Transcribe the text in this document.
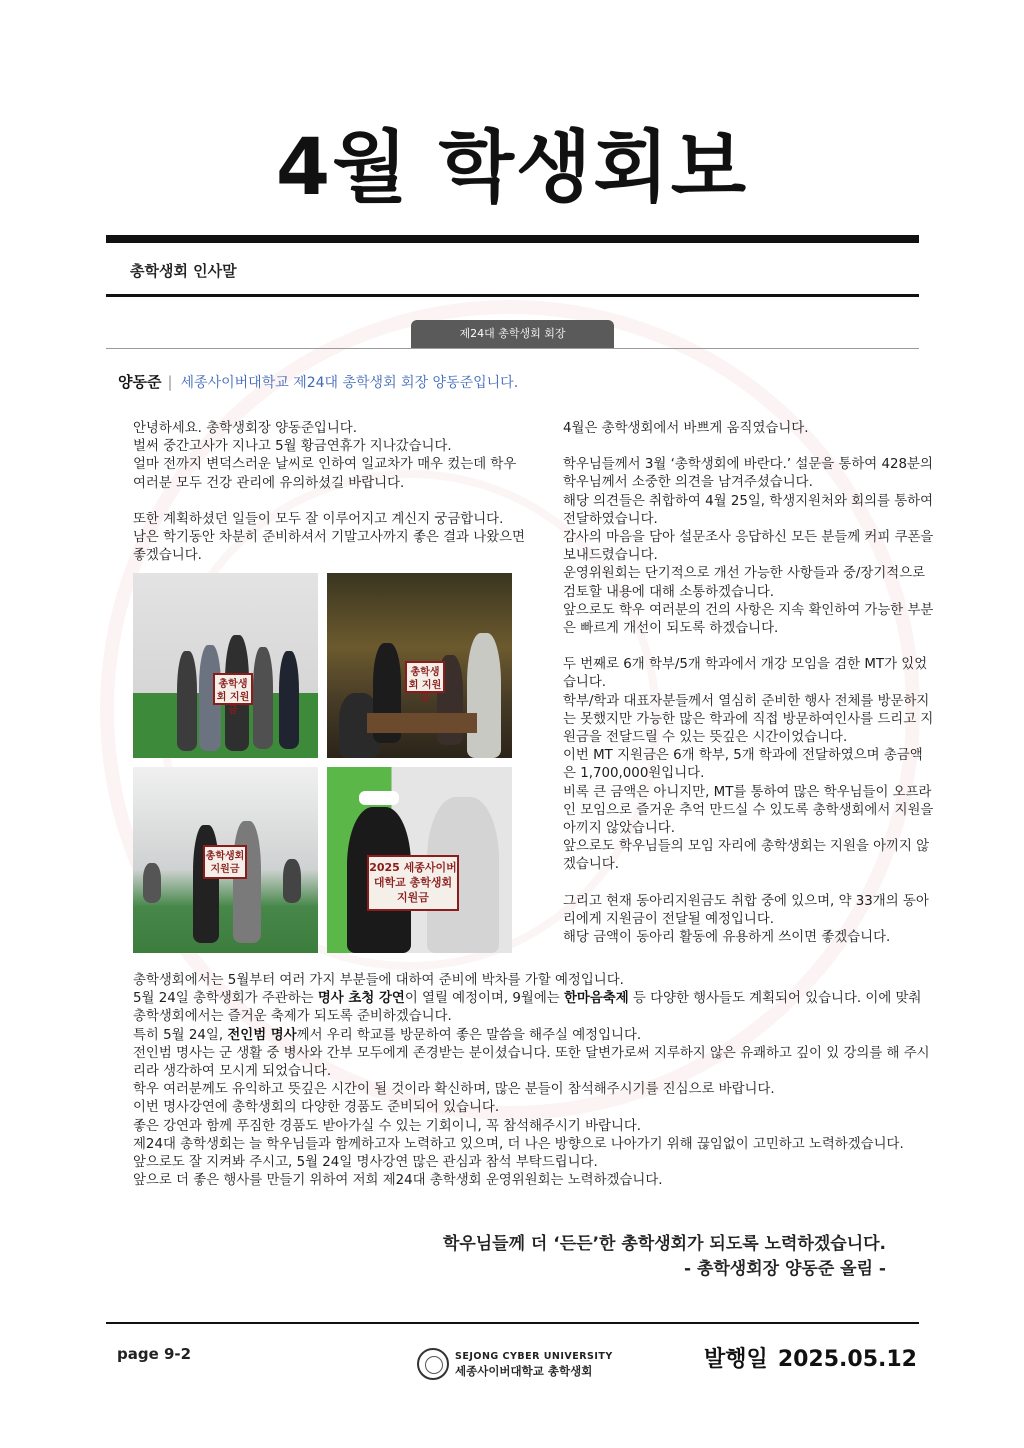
4월 학생회보
총학생회 인사말
제24대 총학생회 회장
양동준 | 세종사이버대학교 제24대 총학생회 회장 양동준입니다.

안녕하세요. 총학생회장 양동준입니다.
벌써 중간고사가 지나고 5월 황금연휴가 지나갔습니다.
얼마 전까지 변덕스러운 날씨로 인하여 일교차가 매우 컸는데 학우 여러분 모두 건강 관리에 유의하셨길 바랍니다.

또한 계획하셨던 일들이 모두 잘 이루어지고 계신지 궁금합니다.
남은 학기동안 차분히 준비하셔서 기말고사까지 좋은 결과 나왔으면 좋겠습니다.

총학생회 지원금
총학생회 지원금
총학생회 지원금	2025 세종사이버대학교 총학생회 지원금

4월은 총학생회에서 바쁘게 움직였습니다.

학우님들께서 3월 ‘총학생회에 바란다.’ 설문을 통하여 428분의 학우님께서 소중한 의견을 남겨주셨습니다.
해당 의견들은 취합하여 4월 25일, 학생지원처와 회의를 통하여 전달하였습니다.
감사의 마음을 담아 설문조사 응답하신 모든 분들께 커피 쿠폰을 보내드렸습니다.
운영위원회는 단기적으로 개선 가능한 사항들과 중/장기적으로 검토할 내용에 대해 소통하겠습니다.
앞으로도 학우 여러분의 건의 사항은 지속 확인하여 가능한 부분은 빠르게 개선이 되도록 하겠습니다.

두 번째로 6개 학부/5개 학과에서 개강 모임을 겸한 MT가 있었습니다.
학부/학과 대표자분들께서 열심히 준비한 행사 전체를 방문하지는 못했지만 가능한 많은 학과에 직접 방문하여인사를 드리고 지원금을 전달드릴 수 있는 뜻깊은 시간이었습니다.
이번 MT 지원금은 6개 학부, 5개 학과에 전달하였으며 총금액은 1,700,000원입니다.
비록 큰 금액은 아니지만, MT를 통하여 많은 학우님들이 오프라인 모임으로 즐거운 추억 만드실 수 있도록 총학생회에서 지원을 아끼지 않았습니다.
앞으로도 학우님들의 모임 자리에 총학생회는 지원을 아끼지 않겠습니다.

그리고 현재 동아리지원금도 취합 중에 있으며, 약 33개의 동아리에게 지원금이 전달될 예정입니다.
해당 금액이 동아리 활동에 유용하게 쓰이면 좋겠습니다.

총학생회에서는 5월부터 여러 가지 부분들에 대하여 준비에 박차를 가할 예정입니다.

5월 24일 총학생회가 주관하는 명사 초청 강연이 열릴 예정이며, 9월에는 한마음축제 등 다양한 행사들도 계획되어 있습니다. 이에 맞춰 총학생회에서는 즐거운 축제가 되도록 준비하겠습니다.

특히 5월 24일, 전인범 명사께서 우리 학교를 방문하여 좋은 말씀을 해주실 예정입니다.

전인범 명사는 군 생활 중 병사와 간부 모두에게 존경받는 분이셨습니다. 또한 달변가로써 지루하지 않은 유쾌하고 깊이 있 강의를 해 주시리라 생각하여 모시게 되었습니다.

학우 여러분께도 유익하고 뜻깊은 시간이 될 것이라 확신하며, 많은 분들이 참석해주시기를 진심으로 바랍니다.

이번 명사강연에 총학생회의 다양한 경품도 준비되어 있습니다.

좋은 강연과 함께 푸짐한 경품도 받아가실 수 있는 기회이니, 꼭 참석해주시기 바랍니다.

제24대 총학생회는 늘 학우님들과 함께하고자 노력하고 있으며, 더 나은 방향으로 나아가기 위해 끊임없이 고민하고 노력하겠습니다.

앞으로도 잘 지켜봐 주시고, 5월 24일 명사강연 많은 관심과 참석 부탁드립니다.

앞으로 더 좋은 행사를 만들기 위하여 저희 제24대 총학생회 운영위원회는 노력하겠습니다.

학우님들께 더 ‘든든’한 총학생회가 되도록 노력하겠습니다.
- 총학생회장 양동준 올림 -
page 9-2	SEJONG CYBER UNIVERSITY
세종사이버대학교 총학생회	발행일 2025.05.12
